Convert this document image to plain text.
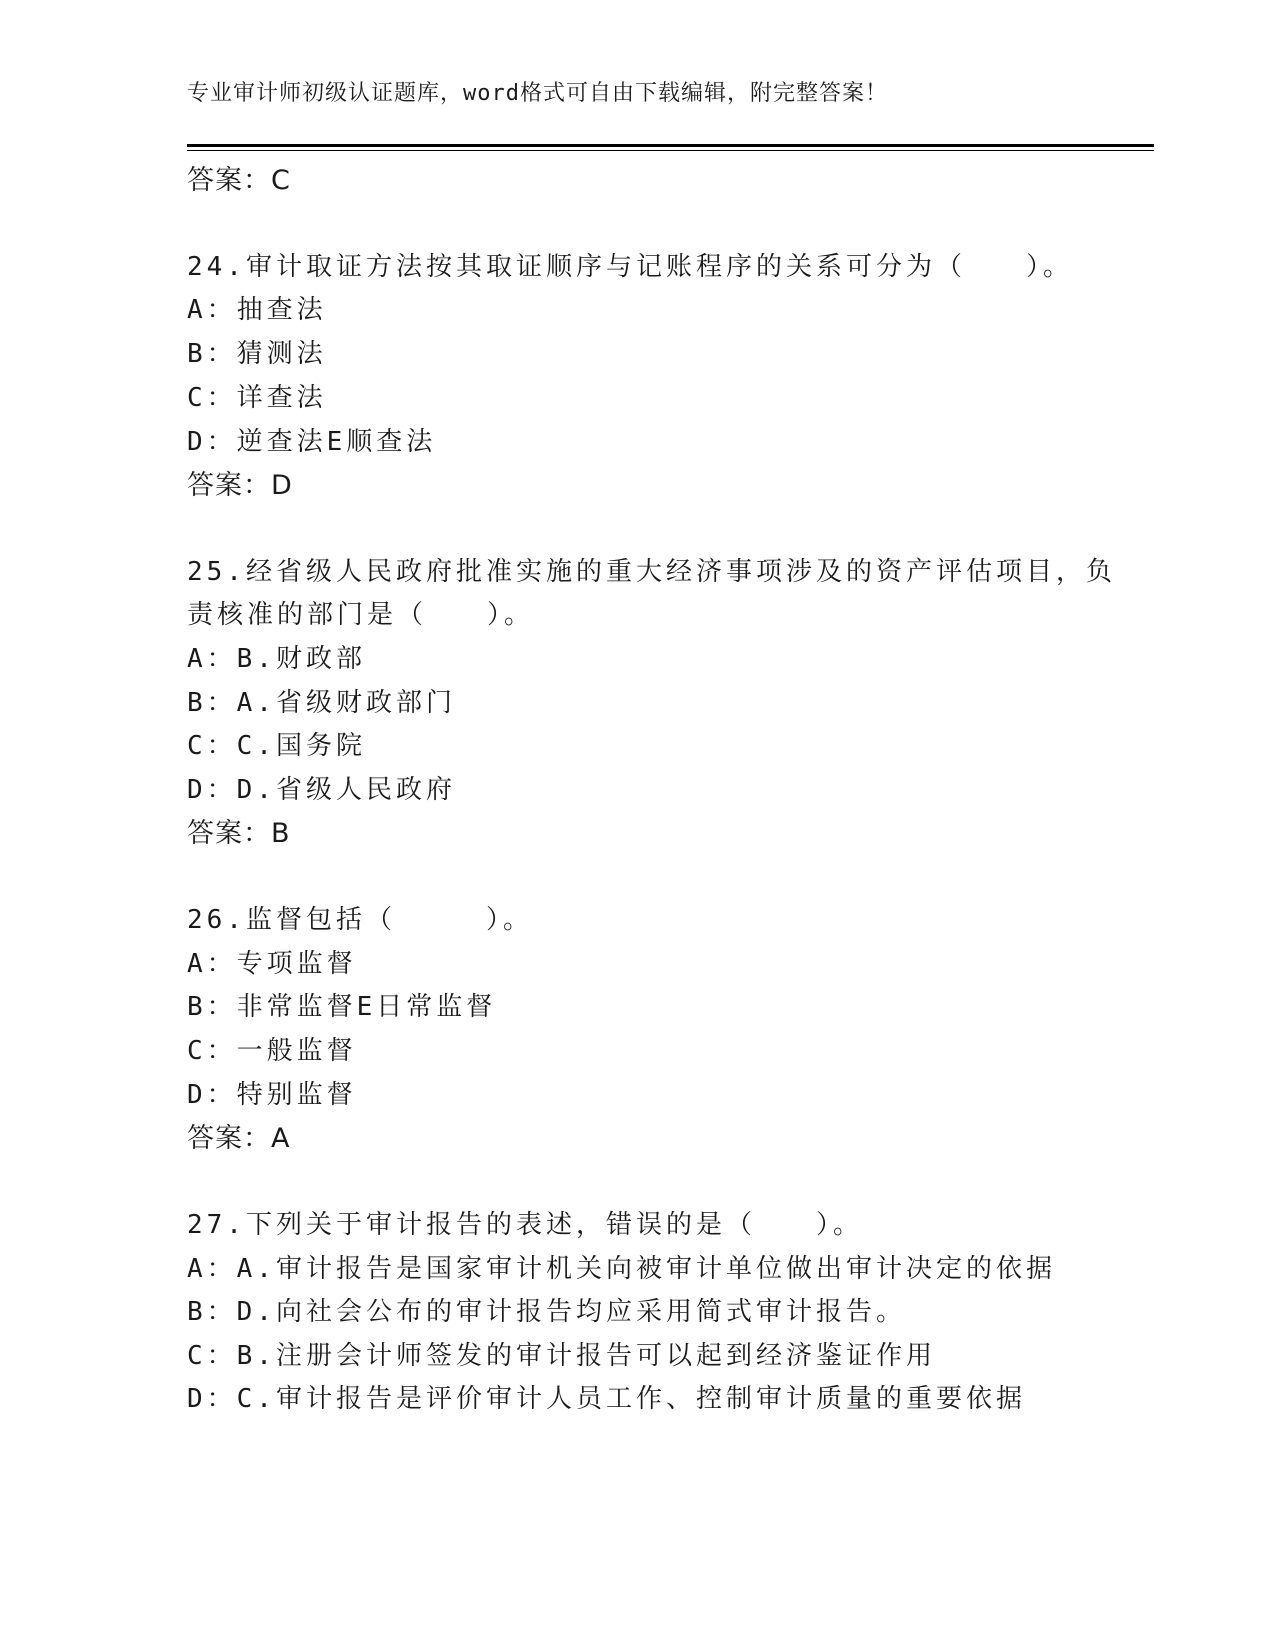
专业审计师初级认证题库，word格式可自由下载编辑，附完整答案！
答案：C
24.审计取证方法按其取证顺序与记账程序的关系可分为（　　）。
A：抽查法
B：猜测法
C：详查法
D：逆查法E顺查法
答案：D
25.经省级人民政府批准实施的重大经济事项涉及的资产评估项目，负
责核准的部门是（　　）。
A：B.财政部
B：A.省级财政部门
C：C.国务院
D：D.省级人民政府
答案：B
26.监督包括（　　　）。
A：专项监督
B：非常监督E日常监督
C：一般监督
D：特别监督
答案：A
27.下列关于审计报告的表述，错误的是（　　）。
A：A.审计报告是国家审计机关向被审计单位做出审计决定的依据
B：D.向社会公布的审计报告均应采用简式审计报告。
C：B.注册会计师签发的审计报告可以起到经济鉴证作用
D：C.审计报告是评价审计人员工作、控制审计质量的重要依据
